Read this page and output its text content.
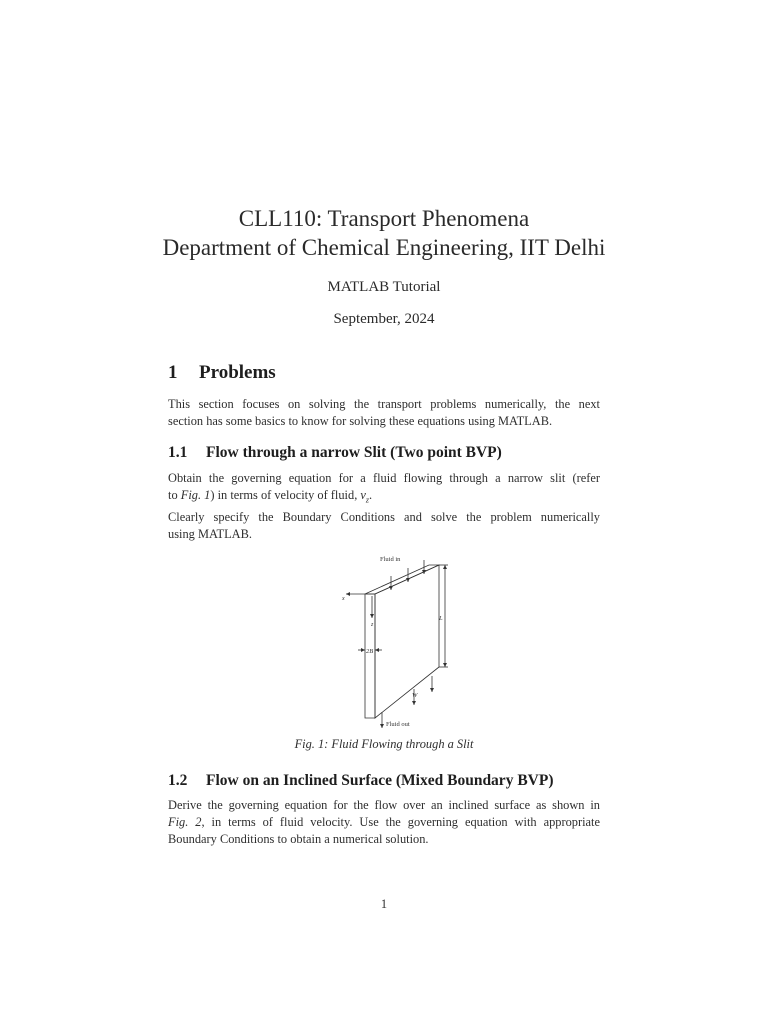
CLL110: Transport Phenomena
Department of Chemical Engineering, IIT Delhi
MATLAB Tutorial
September, 2024
1 Problems
This section focuses on solving the transport problems numerically, the next
section has some basics to know for solving these equations using MATLAB.
1.1 Flow through a narrow Slit (Two point BVP)
Obtain the governing equation for a fluid flowing through a narrow slit (refer
to Fig. 1) in terms of velocity of fluid, $v_z$.
Clearly specify the Boundary Conditions and solve the problem numerically
using MATLAB.
Fluid in
Fluid out
x
z
2B
L
W
Fig. 1: Fluid Flowing through a Slit
1.2 Flow on an Inclined Surface (Mixed Boundary BVP)
Derive the governing equation for the flow over an inclined surface as shown in
Fig. 2, in terms of fluid velocity. Use the governing equation with appropriate
Boundary Conditions to obtain a numerical solution.
1
